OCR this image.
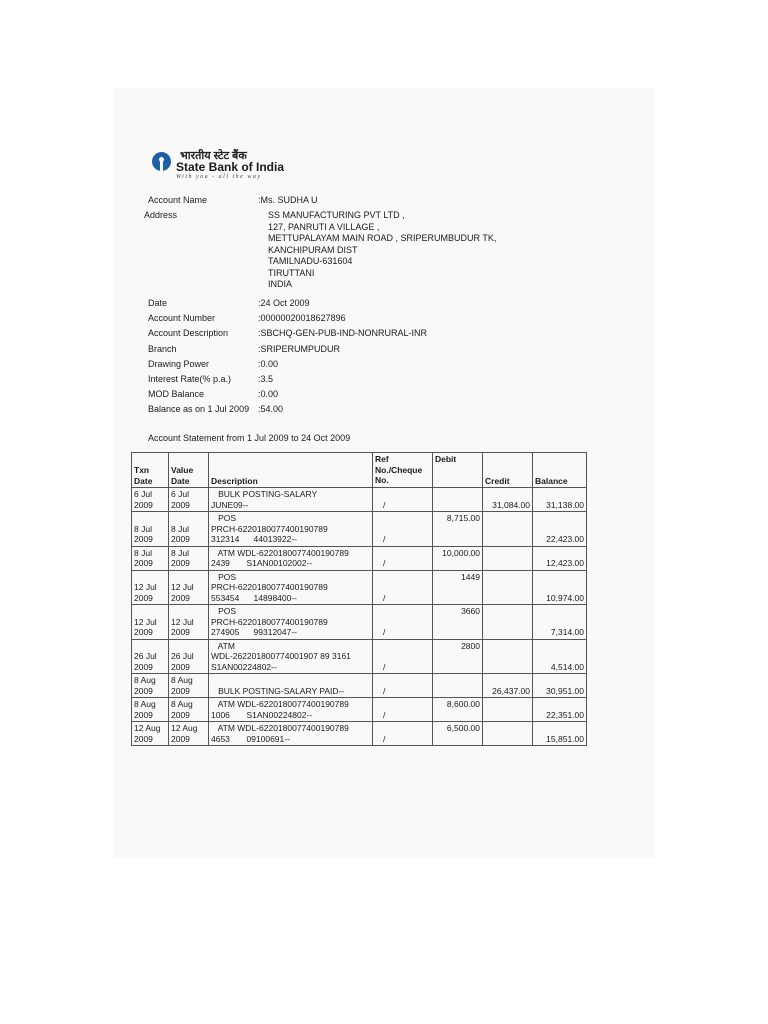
भारतीय स्टेट बैंक
State Bank of India
With you - all the way
Account Name	:Ms. SUDHA U
Address	SS MANUFACTURING PVT LTD ,
127, PANRUTI A VILLAGE ,
METTUPALAYAM MAIN ROAD , SRIPERUMBUDUR TK,
KANCHIPURAM DIST
TAMILNADU-631604
TIRUTTANI
INDIA
Date	:24 Oct 2009
Account Number	:00000020018627896
Account Description	:SBCHQ-GEN-PUB-IND-NONRURAL-INR
Branch	:SRIPERUMPUDUR
Drawing Power	:0.00
Interest Rate(% p.a.)	:3.5
MOD Balance	:0.00
Balance as on 1 Jul 2009 :54.00
Account Statement from 1 Jul 2009 to 24 Oct 2009
Txn Date	Value Date	Description	Ref No./Cheque No.	Debit	Credit	Balance
6 Jul 2009	6 Jul 2009	BULK POSTING-SALARY
JUNE09--	/		31,084.00	31,138.00
8 Jul 2009	8 Jul 2009	POS
PRCH-6220180077400190789
312314      44013922--	/	8,715.00		22,423.00
8 Jul 2009	8 Jul 2009	ATM WDL-6220180077400190789
2439       S1AN00102002--	/	10,000.00		12,423.00
12 Jul 2009	12 Jul 2009	POS
PRCH-6220180077400190789
553454      14898400--	/	1449		10,974.00
12 Jul 2009	12 Jul 2009	POS
PRCH-6220180077400190789
274905      99312047--	/	3660		7,314.00
26 Jul 2009	26 Jul 2009	ATM
WDL-262201800774001907 89 3161
S1AN00224802--	/	2800		4,514.00
8 Aug 2009	8 Aug 2009	BULK POSTING-SALARY PAID--	/		26,437.00	30,951.00
8 Aug 2009	8 Aug 2009	ATM WDL-6220180077400190789
1006       S1AN00224802--	/	8,600.00		22,351.00
12 Aug 2009	12 Aug 2009	ATM WDL-6220180077400190789
4653       09100691--	/	6,500.00		15,851.00
